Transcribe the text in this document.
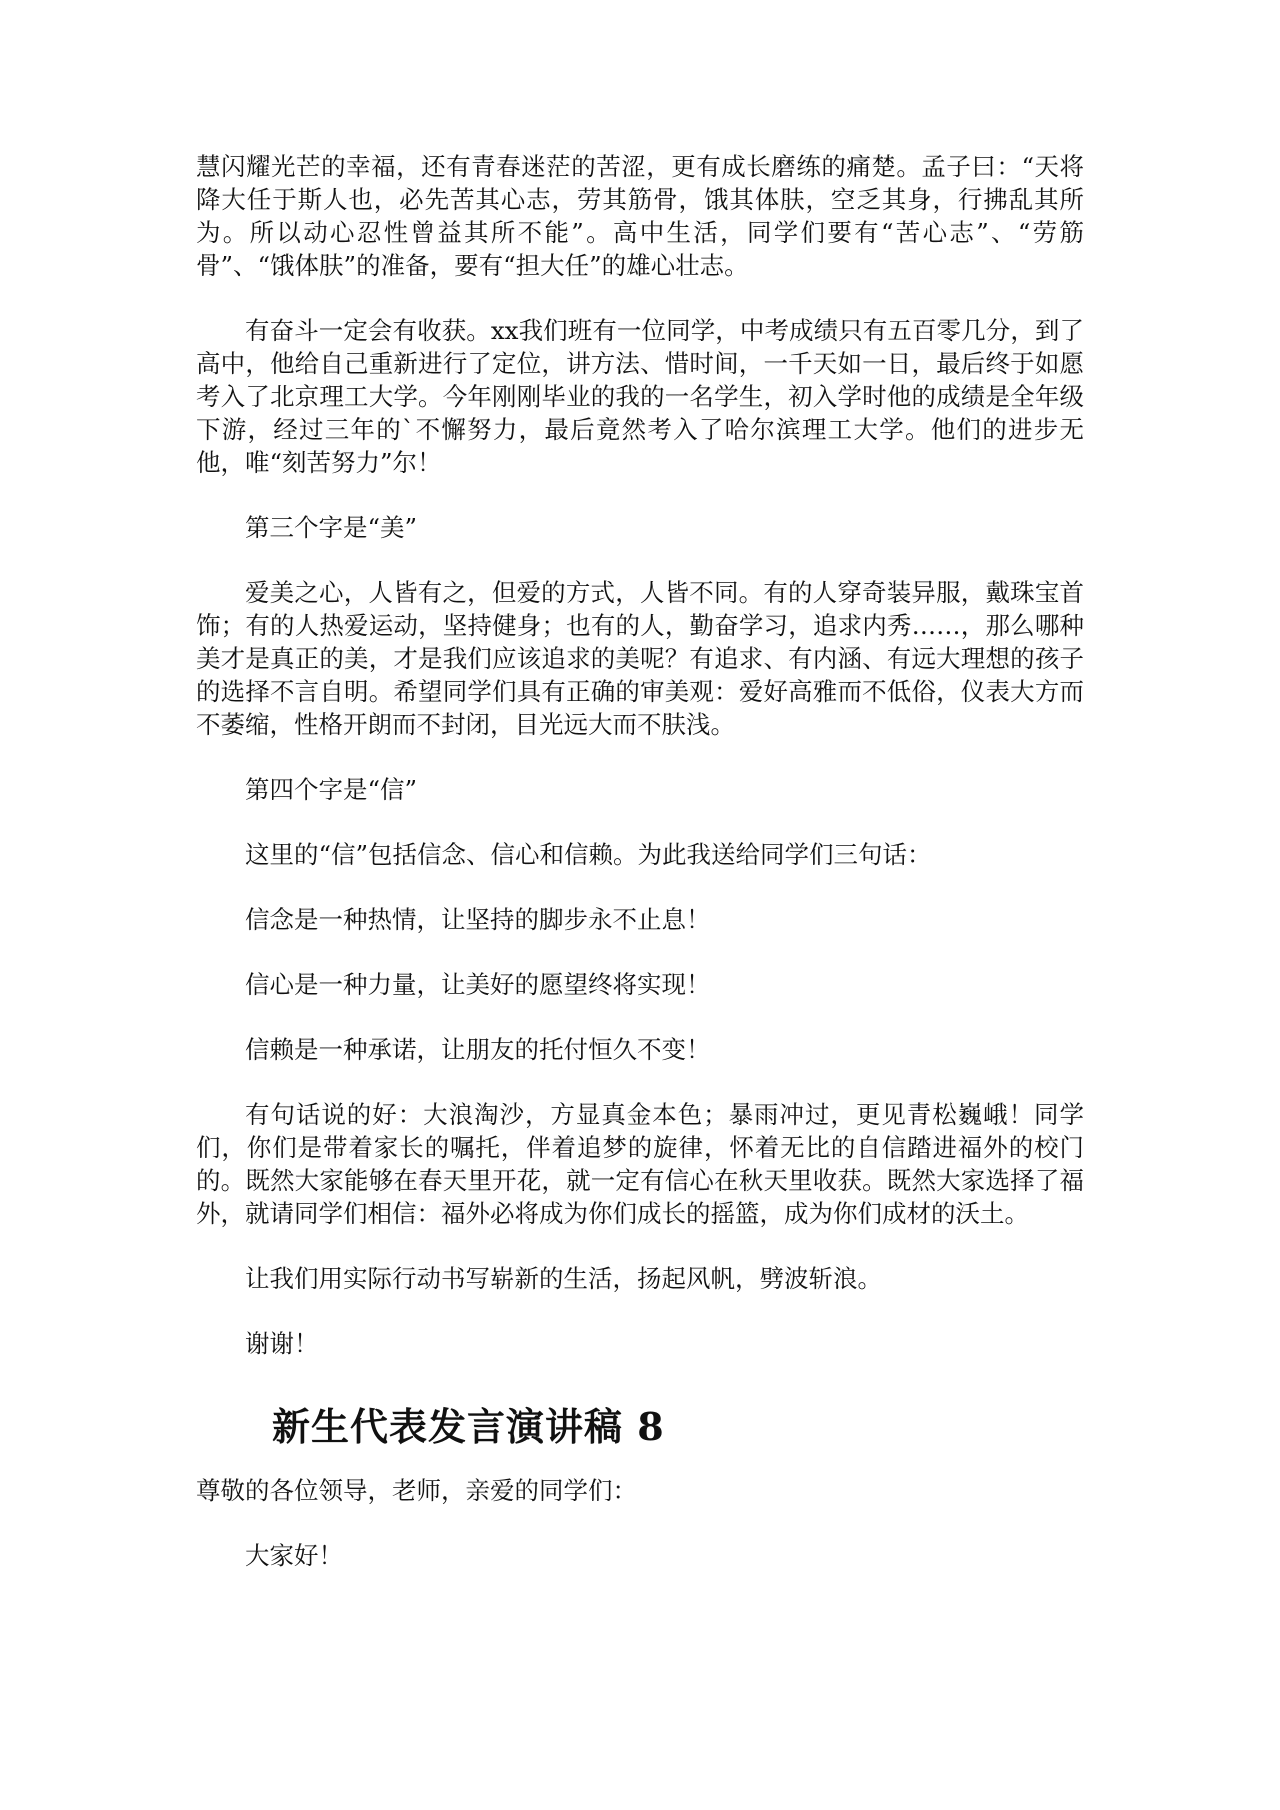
慧闪耀光芒的幸福，还有青春迷茫的苦涩，更有成长磨练的痛楚。孟子曰：“天将降大任于斯人也，必先苦其心志，劳其筋骨，饿其体肤，空乏其身，行拂乱其所为。所以动心忍性曾益其所不能”。高中生活，同学们要有“苦心志”、“劳筋骨”、“饿体肤”的准备，要有“担大任”的雄心壮志。

有奋斗一定会有收获。xx我们班有一位同学，中考成绩只有五百零几分，到了高中，他给自己重新进行了定位，讲方法、惜时间，一千天如一日，最后终于如愿考入了北京理工大学。今年刚刚毕业的我的一名学生，初入学时他的成绩是全年级下游，经过三年的`不懈努力，最后竟然考入了哈尔滨理工大学。他们的进步无他，唯“刻苦努力”尔！

第三个字是“美”

爱美之心，人皆有之，但爱的方式，人皆不同。有的人穿奇装异服，戴珠宝首饰；有的人热爱运动，坚持健身；也有的人，勤奋学习，追求内秀……，那么哪种美才是真正的美，才是我们应该追求的美呢？有追求、有内涵、有远大理想的孩子的选择不言自明。希望同学们具有正确的审美观：爱好高雅而不低俗，仪表大方而不萎缩，性格开朗而不封闭，目光远大而不肤浅。

第四个字是“信”

这里的“信”包括信念、信心和信赖。为此我送给同学们三句话：

信念是一种热情，让坚持的脚步永不止息！

信心是一种力量，让美好的愿望终将实现！

信赖是一种承诺，让朋友的托付恒久不变！

有句话说的好：大浪淘沙，方显真金本色；暴雨冲过，更见青松巍峨！同学们，你们是带着家长的嘱托，伴着追梦的旋律，怀着无比的自信踏进福外的校门的。既然大家能够在春天里开花，就一定有信心在秋天里收获。既然大家选择了福外，就请同学们相信：福外必将成为你们成长的摇篮，成为你们成材的沃土。

让我们用实际行动书写崭新的生活，扬起风帆，劈波斩浪。

谢谢！

新生代表发言演讲稿 8

尊敬的各位领导，老师，亲爱的同学们：

大家好！
